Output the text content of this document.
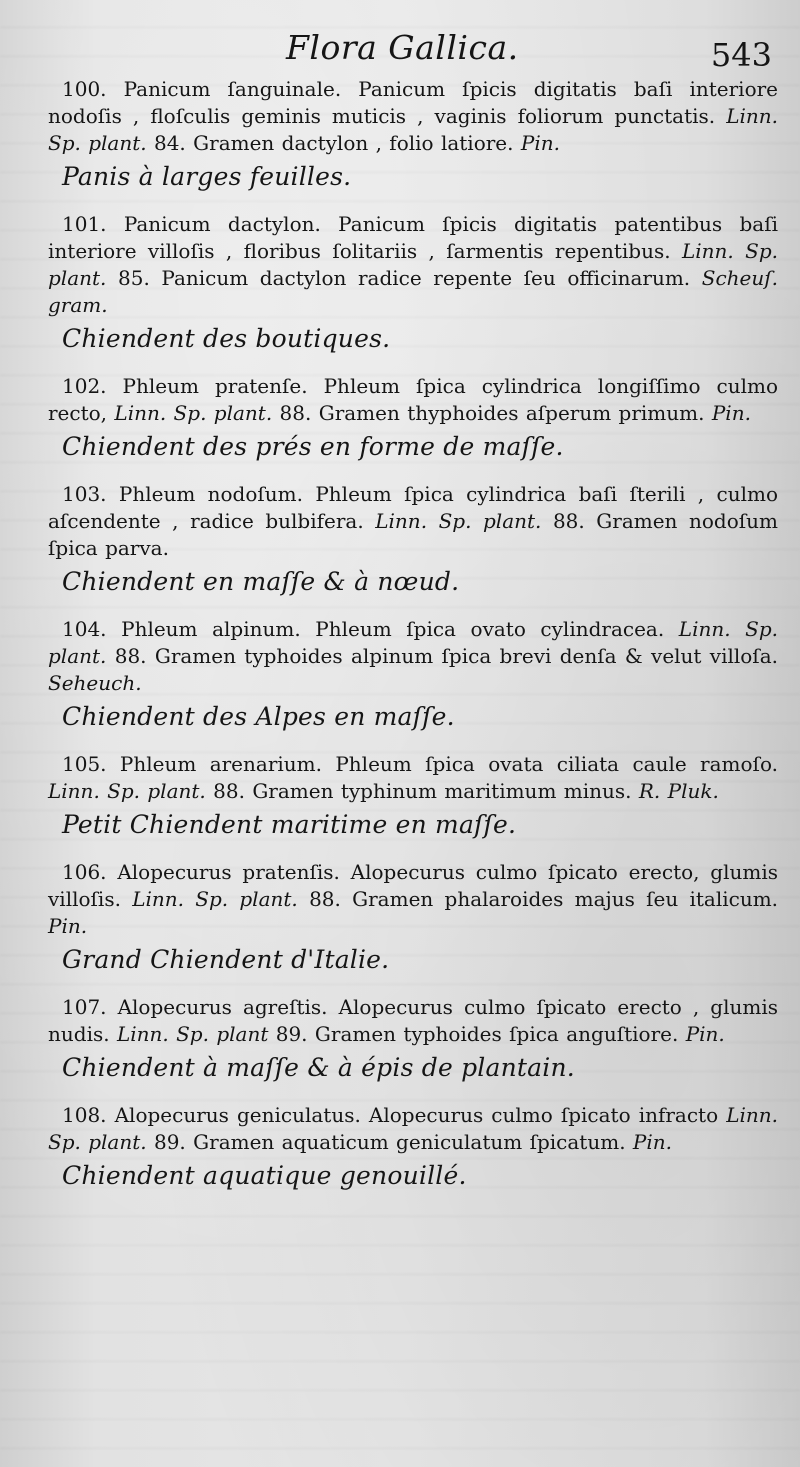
Flora Gallica.	543

100. Panicum ſanguinale. Panicum ſpicis digitatis baſi interiore nodoſis , floſculis geminis muticis , vaginis foliorum punctatis. Linn. Sp. plant. 84. Gramen dactylon , folio latiore. Pin.

Panis à larges feuilles.

101. Panicum dactylon. Panicum ſpicis digitatis patentibus baſi interiore villoſis , floribus ſolitariis , ſarmentis repentibus. Linn. Sp. plant. 85. Panicum dactylon radice repente ſeu officinarum. Scheuſ. gram.

Chiendent des boutiques.

102. Phleum pratenſe. Phleum ſpica cylindrica longiſſimo culmo recto, Linn. Sp. plant. 88. Gramen thyphoides aſperum primum. Pin.

Chiendent des prés en forme de maſſe.

103. Phleum nodoſum. Phleum ſpica cylindrica baſi ſterili , culmo aſcendente , radice bulbifera. Linn. Sp. plant. 88. Gramen nodoſum ſpica parva.

Chiendent en maſſe & à nœud.

104. Phleum alpinum. Phleum ſpica ovato cylindracea. Linn. Sp. plant. 88. Gramen typhoides alpinum ſpica brevi denſa & velut villoſa. Seheuch.

Chiendent des Alpes en maſſe.

105. Phleum arenarium. Phleum ſpica ovata ciliata caule ramoſo. Linn. Sp. plant. 88. Gramen typhinum maritimum minus. R. Pluk.

Petit Chiendent maritime en maſſe.

106. Alopecurus pratenſis. Alopecurus culmo ſpicato erecto, glumis villoſis. Linn. Sp. plant. 88. Gramen phalaroides majus ſeu italicum. Pin.

Grand Chiendent d'Italie.

107. Alopecurus agreſtis. Alopecurus culmo ſpicato erecto , glumis nudis. Linn. Sp. plant 89. Gramen typhoides ſpica anguſtiore. Pin.

Chiendent à maſſe & à épis de plantain.

108. Alopecurus geniculatus. Alopecurus culmo ſpicato infracto Linn. Sp. plant. 89. Gramen aquaticum geniculatum ſpicatum. Pin.

Chiendent aquatique genouillé.
